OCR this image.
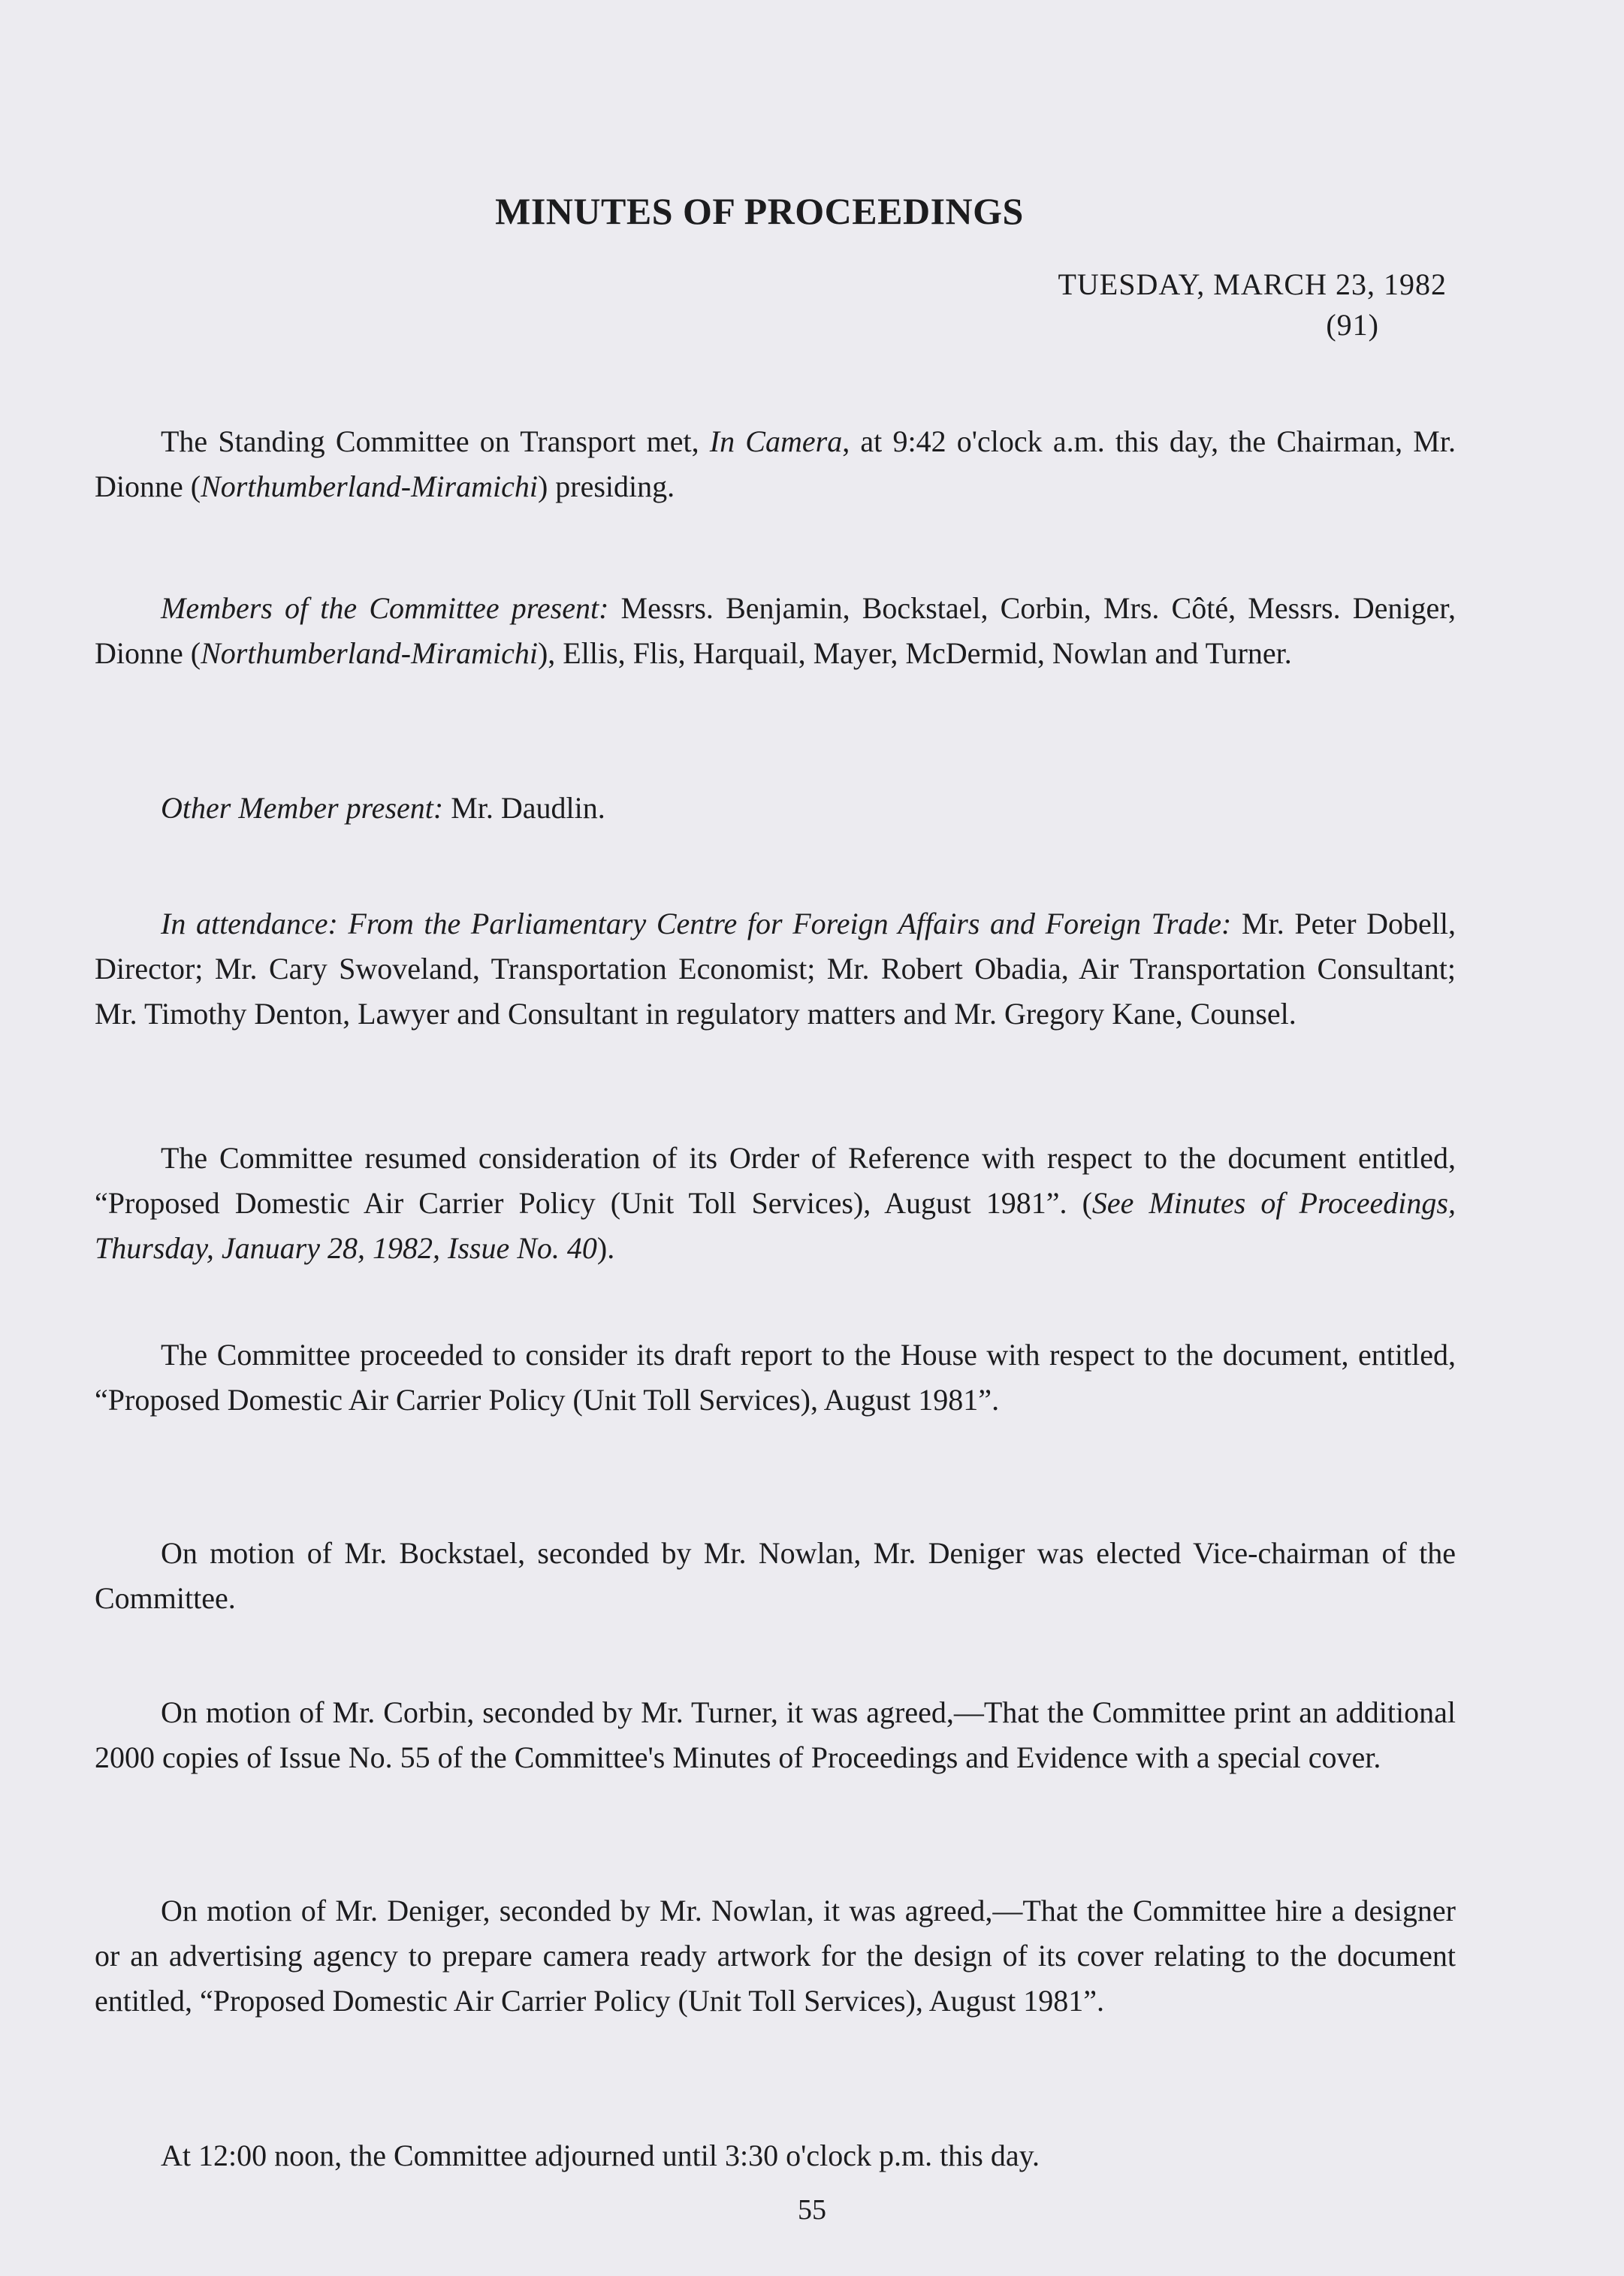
MINUTES OF PROCEEDINGS
TUESDAY, MARCH 23, 1982
(91)

The Standing Committee on Transport met, In Camera, at 9:42 o'clock a.m. this day, the Chairman, Mr. Dionne (Northumberland-Miramichi) presiding.

Members of the Committee present: Messrs. Benjamin, Bockstael, Corbin, Mrs. Côté, Messrs. Deniger, Dionne (Northumberland-Miramichi), Ellis, Flis, Harquail, Mayer, McDermid, Nowlan and Turner.

Other Member present: Mr. Daudlin.

In attendance: From the Parliamentary Centre for Foreign Affairs and Foreign Trade: Mr. Peter Dobell, Director; Mr. Cary Swoveland, Transportation Economist; Mr. Robert Obadia, Air Transportation Consultant; Mr. Timothy Denton, Lawyer and Consultant in regulatory matters and Mr. Gregory Kane, Counsel.

The Committee resumed consideration of its Order of Reference with respect to the document entitled, “Proposed Domestic Air Carrier Policy (Unit Toll Services), August 1981”. (See Minutes of Proceedings, Thursday, January 28, 1982, Issue No. 40).

The Committee proceeded to consider its draft report to the House with respect to the document, entitled, “Proposed Domestic Air Carrier Policy (Unit Toll Services), August 1981”.

On motion of Mr. Bockstael, seconded by Mr. Nowlan, Mr. Deniger was elected Vice-chairman of the Committee.

On motion of Mr. Corbin, seconded by Mr. Turner, it was agreed,—That the Committee print an additional 2000 copies of Issue No. 55 of the Committee's Minutes of Proceedings and Evidence with a special cover.

On motion of Mr. Deniger, seconded by Mr. Nowlan, it was agreed,—That the Committee hire a designer or an advertising agency to prepare camera ready artwork for the design of its cover relating to the document entitled, “Proposed Domestic Air Carrier Policy (Unit Toll Services), August 1981”.

At 12:00 noon, the Committee adjourned until 3:30 o'clock p.m. this day.

55
